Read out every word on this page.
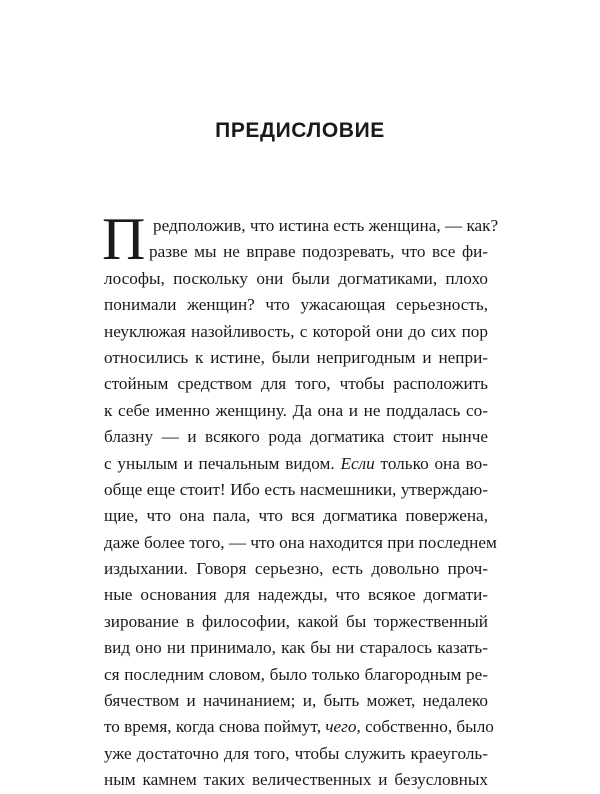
ПРЕДИСЛОВИЕ
П редположив, что истина есть женщина, — как?
разве мы не вправе подозревать, что все фи-
лософы, поскольку они были догматиками, плохо
понимали женщин? что ужасающая серьезность,
неуклюжая назойливость, с которой они до сих пор
относились к истине, были непригодным и непри-
стойным средством для того, чтобы расположить
к себе именно женщину. Да она и не поддалась со-
блазну — и всякого рода догматика стоит нынче
с унылым и печальным видом. Если только она во-
обще еще стоит! Ибо есть насмешники, утверждаю-
щие, что она пала, что вся догматика повержена,
даже более того, — что она находится при последнем
издыхании. Говоря серьезно, есть довольно проч-
ные основания для надежды, что всякое догмати-
зирование в философии, какой бы торжественный
вид оно ни принимало, как бы ни старалось казать-
ся последним словом, было только благородным ре-
бячеством и начинанием; и, быть может, недалеко
то время, когда снова поймут, чего, собственно, было
уже достаточно для того, чтобы служить краеуголь-
ным камнем таких величественных и безусловных
